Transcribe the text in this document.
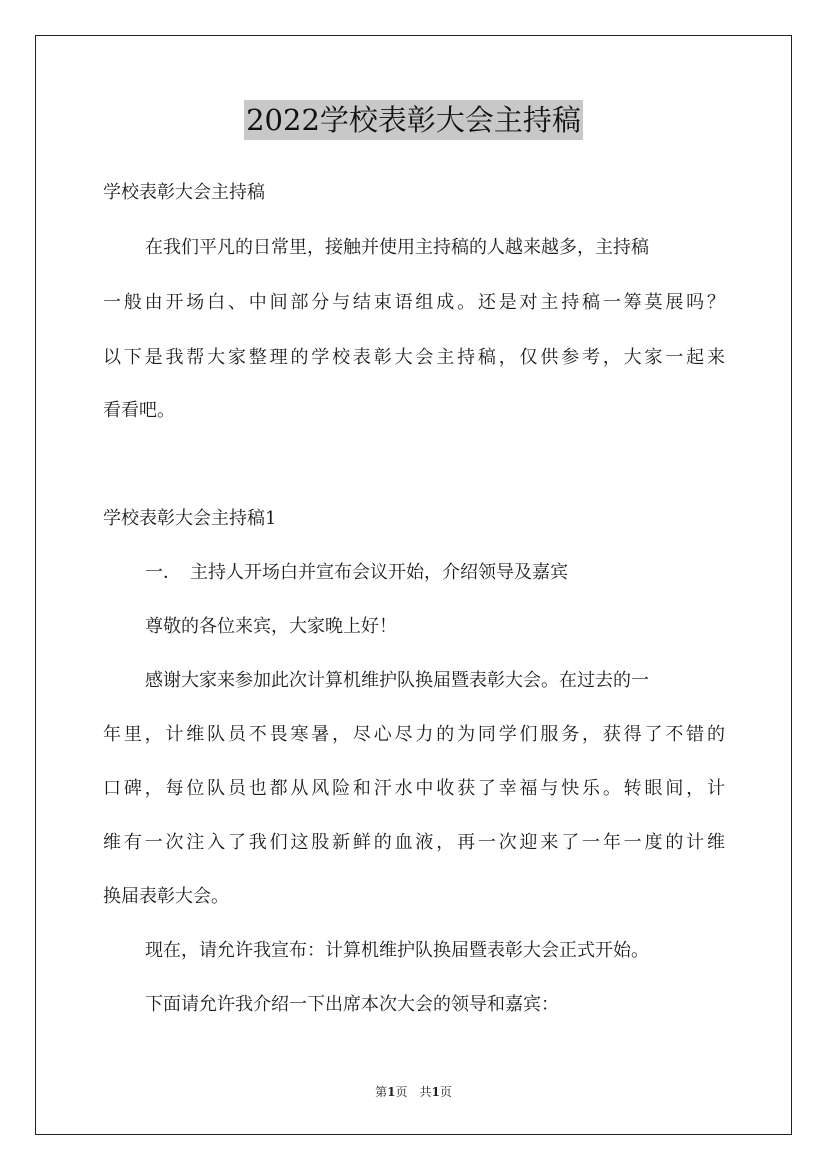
2022学校表彰大会主持稿
学校表彰大会主持稿
在我们平凡的日常里，接触并使用主持稿的人越来越多，主持稿
一般由开场白、中间部分与结束语组成。还是对主持稿一筹莫展吗？
以下是我帮大家整理的学校表彰大会主持稿，仅供参考，大家一起来
看看吧。
学校表彰大会主持稿1
一．　主持人开场白并宣布会议开始，介绍领导及嘉宾
尊敬的各位来宾，大家晚上好！
感谢大家来参加此次计算机维护队换届暨表彰大会。在过去的一
年里，计维队员不畏寒暑，尽心尽力的为同学们服务，获得了不错的
口碑，每位队员也都从风险和汗水中收获了幸福与快乐。转眼间，计
维有一次注入了我们这股新鲜的血液，再一次迎来了一年一度的计维
换届表彰大会。
现在，请允许我宣布：计算机维护队换届暨表彰大会正式开始。
下面请允许我介绍一下出席本次大会的领导和嘉宾：
第1页　共1页
